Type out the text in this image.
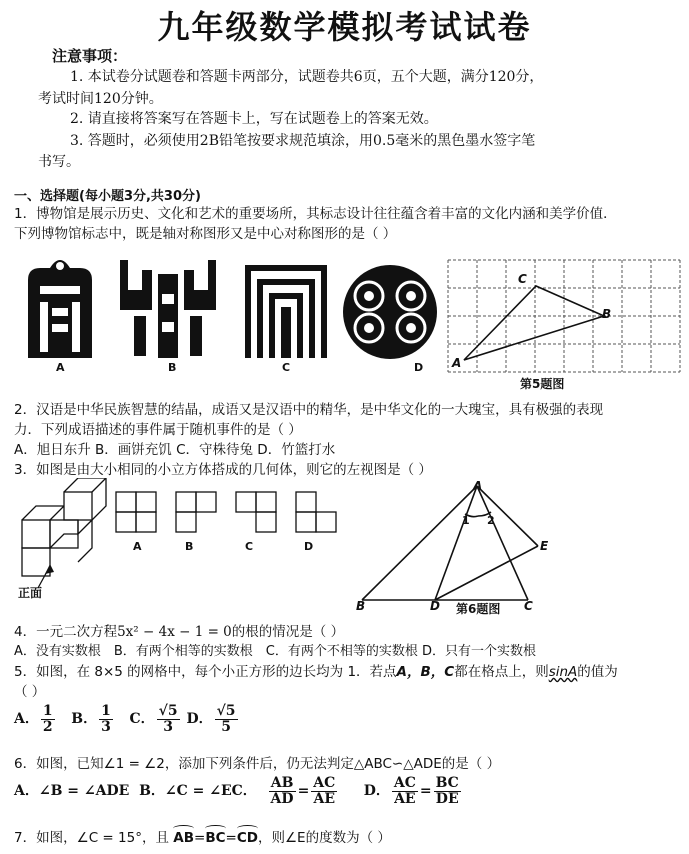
九年级数学模拟考试试卷
注意事项：
1. 本试卷分试题卷和答题卡两部分，试题卷共6页，五个大题，满分120分，
考试时间120分钟。
2. 请直接将答案写在答题卡上，写在试题卷上的答案无效。
3. 答题时，必须使用2B铅笔按要求规范填涂，用0.5毫米的黑色墨水签字笔
书写。
一、选择题(每小题3分,共30分)
1．博物馆是展示历史、文化和艺术的重要场所，其标志设计往往蕴含着丰富的文化内涵和美学价值．
下列博物馆标志中，既是轴对称图形又是中心对称图形的是（ ）
A	B	C	D A
C
B
第5题图
2．汉语是中华民族智慧的结晶，成语又是汉语中的精华，是中华文化的一大瑰宝，具有极强的表现
力．下列成语描述的事件属于随机事件的是（ ）
A．旭日东升 B．画饼充饥 C．守株待兔 D．竹篮打水
3．如图是由大小相同的小立方体搭成的几何体，则它的左视图是（ ）
正面
A	B	C	D
A
1 2
E
B	D 第6题图 C
4．一元二次方程5x² − 4x − 1 = 0的根的情况是（ ）
A．没有实数根　B．有两个相等的实数根　C．有两个不相等的实数根 D．只有一个实数根
5．如图，在 8×5 的网格中，每个小正方形的边长均为 1．若点A，B，C都在格点上，则sinA的值为
（ ）
A． $\frac{1}{2}$ B． $\frac{1}{3}$ C． $\frac{√5}{3}$ D． $\frac{√5}{5}$
6．如图，已知∠1 = ∠2，添加下列条件后，仍无法判定△ABC∽△ADE的是（ ）
A．∠B = ∠ADE B．∠C = ∠EC． $\frac{AB}{AD} = \frac{AC}{AE}$ D． $\frac{AC}{AE} = \frac{BC}{DE}$
7．如图，∠C = 15°，且 AB=BC=CD，则∠E的度数为（ ）
